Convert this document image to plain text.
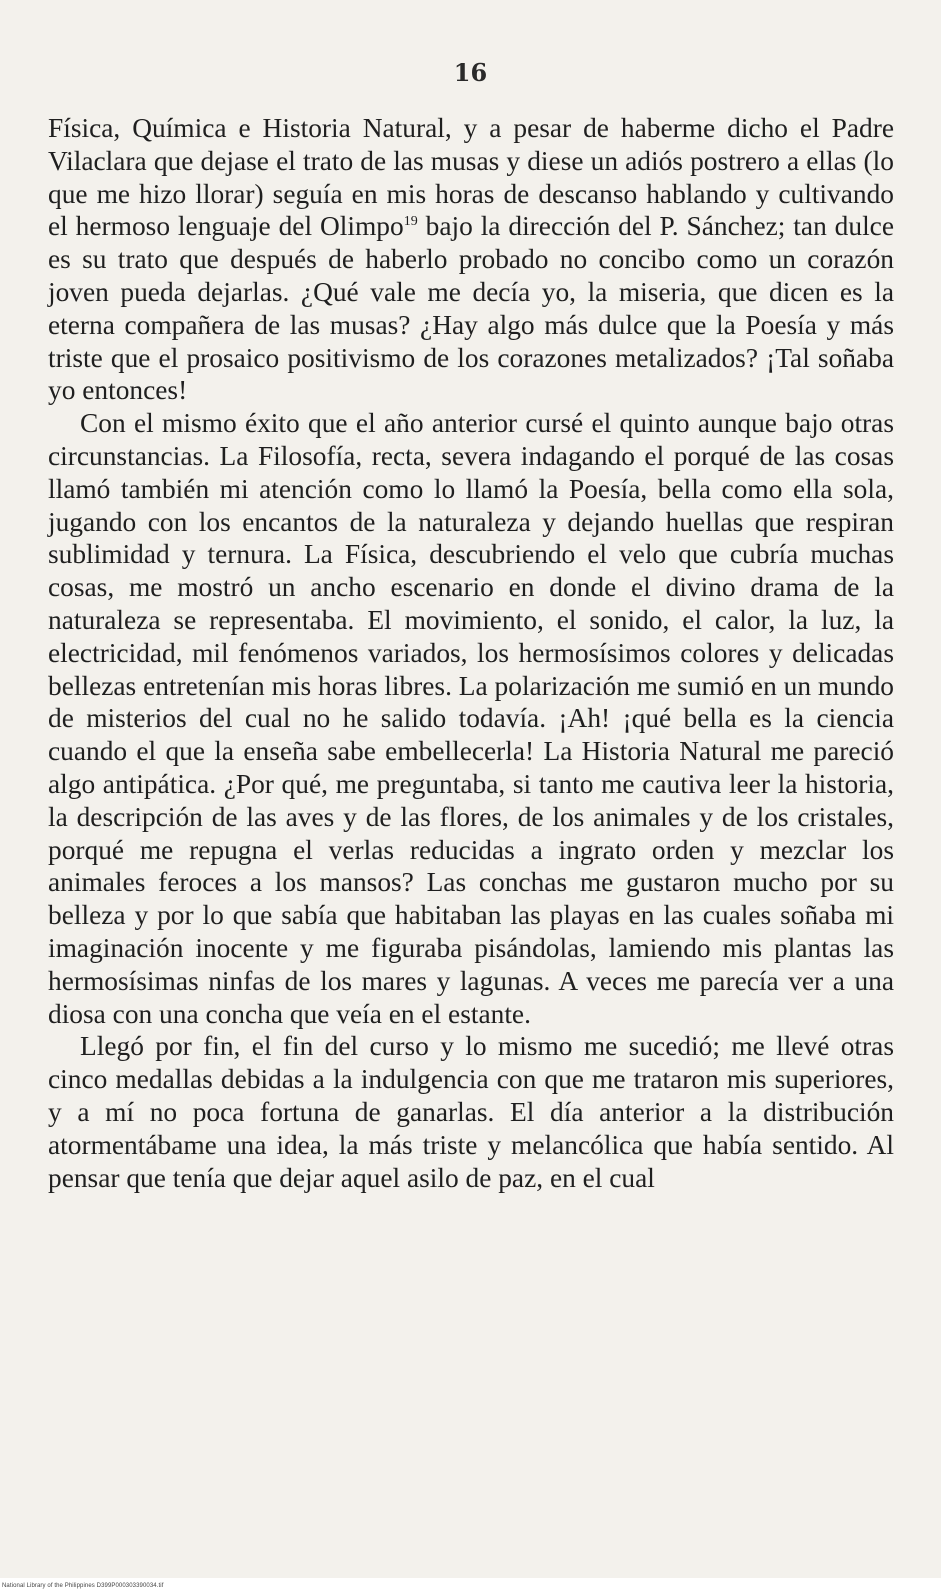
16

Física, Química e Historia Natural, y a pesar de haberme dicho el Padre Vilaclara que dejase el trato de las musas y diese un adiós postrero a ellas (lo que me hizo llorar) seguía en mis horas de descanso hablando y cultivando el hermoso lenguaje del Olimpo$^{19}$ bajo la dirección del P. Sánchez; tan dulce es su trato que después de haberlo probado no concibo como un corazón joven pueda dejarlas. ¿Qué vale me decía yo, la miseria, que dicen es la eterna compañera de las musas? ¿Hay algo más dulce que la Poesía y más triste que el prosaico positivismo de los corazones metalizados? ¡Tal soñaba yo entonces!

Con el mismo éxito que el año anterior cursé el quinto aunque bajo otras circunstancias. La Filosofía, recta, severa indagando el porqué de las cosas llamó también mi atención como lo llamó la Poesía, bella como ella sola, jugando con los encantos de la naturaleza y dejando huellas que respiran sublimidad y ternura. La Física, descubriendo el velo que cubría muchas cosas, me mostró un ancho escenario en donde el divino drama de la naturaleza se representaba. El movimiento, el sonido, el calor, la luz, la electricidad, mil fenómenos variados, los hermosísimos colores y delicadas bellezas entretenían mis horas libres. La polarización me sumió en un mundo de misterios del cual no he salido todavía. ¡Ah! ¡qué bella es la ciencia cuando el que la enseña sabe embellecerla! La Historia Natural me pareció algo antipática. ¿Por qué, me preguntaba, si tanto me cautiva leer la historia, la descripción de las aves y de las flores, de los animales y de los cristales, porqué me repugna el verlas reducidas a ingrato orden y mezclar los animales feroces a los mansos? Las conchas me gustaron mucho por su belleza y por lo que sabía que habitaban las playas en las cuales soñaba mi imaginación inocente y me figuraba pisándolas, lamiendo mis plantas las hermosísimas ninfas de los mares y lagunas. A veces me parecía ver a una diosa con una concha que veía en el estante.

Llegó por fin, el fin del curso y lo mismo me sucedió; me llevé otras cinco medallas debidas a la indulgencia con que me trataron mis superiores, y a mí no poca fortuna de ganarlas. El día anterior a la distribución atormentábame una idea, la más triste y melancólica que había sentido. Al pensar que tenía que dejar aquel asilo de paz, en el cual

National Library of the Philippines D399P000303390034.tif
